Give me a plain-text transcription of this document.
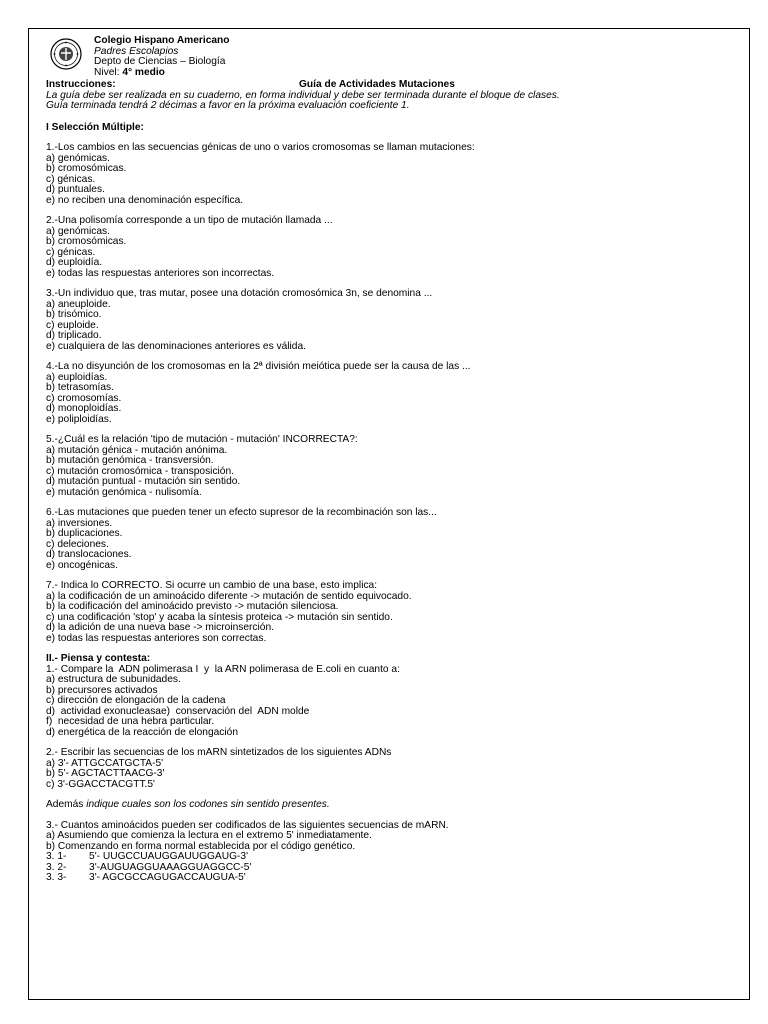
Colegio Hispano Americano
Padres Escolapios
Depto de Ciencias – Biología
Nivel: 4° medio
Guía de Actividades Mutaciones
Instrucciones:
La guía debe ser realizada en su cuaderno, en forma individual y debe ser terminada durante el bloque de clases.
Guía terminada tendrá 2 décimas a favor en la próxima evaluación coeficiente 1.
I Selección Múltiple:
1.-Los cambios en las secuencias génicas de uno o varios cromosomas se llaman mutaciones:
a) genómicas.
b) cromosómicas.
c) génicas.
d) puntuales.
e) no reciben una denominación específica.
2.-Una polisomía corresponde a un tipo de mutación llamada ...
a) genómicas.
b) cromosómicas.
c) génicas.
d) euploidía.
e) todas las respuestas anteriores son incorrectas.
3.-Un individuo que, tras mutar, posee una dotación cromosómica 3n, se denomina ...
a) aneuploide.
b) trisómico.
c) euploide.
d) triplicado.
e) cualquiera de las denominaciones anteriores es válida.
4.-La no disyunción de los cromosomas en la 2ª división meiótica puede ser la causa de las ...
a) euploidías.
b) tetrasomías.
c) cromosomías.
d) monoploidías.
e) poliploidías.
5.-¿Cuál es la relación 'tipo de mutación - mutación' INCORRECTA?:
a) mutación génica - mutación anónima.
b) mutación genómica - transversión.
c) mutación cromosómica - transposición.
d) mutación puntual - mutación sin sentido.
e) mutación genómica - nulisomía.
6.-Las mutaciones que pueden tener un efecto supresor de la recombinación son las...
a) inversiones.
b) duplicaciones.
c) deleciones.
d) translocaciones.
e) oncogénicas.
7.- Indica lo CORRECTO. Si ocurre un cambio de una base, esto implica:
a) la codificación de un aminoácido diferente -> mutación de sentido equivocado.
b) la codificación del aminoácido previsto -> mutación silenciosa.
c) una codificación 'stop' y acaba la síntesis proteica -> mutación sin sentido.
d) la adición de una nueva base -> microinserción.
e) todas las respuestas anteriores son correctas.
II.- Piensa y contesta:
1.- Compare la  ADN polimerasa I  y  la ARN polimerasa de E.coli en cuanto a:
a) estructura de subunidades.
b) precursores activados
c) dirección de elongación de la cadena
d)  actividad exonucleasae)  conservación del  ADN molde
f)  necesidad de una hebra particular.
d) energética de la reacción de elongación
2.- Escribir las secuencias de los mARN sintetizados de los siguientes ADNs
a) 3'- ATTGCCATGCTA-5'
b) 5'- AGCTACTTAACG-3'
c) 3'-GGACCTACGTT.5'
Además indique cuales son los codones sin sentido presentes.
3.- Cuantos aminoácidos pueden ser codificados de las siguientes secuencias de mARN.
a) Asumiendo que comienza la lectura en el extremo 5' inmediatamente.
b) Comenzando en forma normal establecida por el código genético.
3. 1-        5'- UUGCCUAUGGAUUGGAUG-3'
3. 2-        3'-AUGUAGGUAAAGGUAGGCC-5'
3. 3-        3'- AGCGCCAGUGACCAUGUA-5'
